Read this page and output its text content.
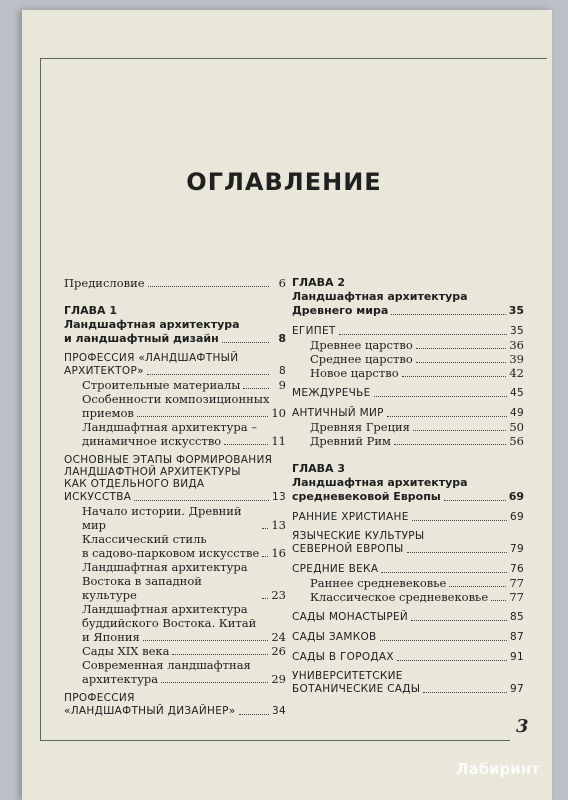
ОГЛАВЛЕНИЕ
Предисловие	6
ГЛАВА 1
Ландшафтная архитектура
и ландшафтный дизайн	8
ПРОФЕССИЯ «ЛАНДШАФТНЫЙ
АРХИТЕКТОР»	8
Строительные материалы	9
Особенности композиционных
приемов	10
Ландшафтная архитектура –
динамичное искусство	11
ОСНОВНЫЕ ЭТАПЫ ФОРМИРОВАНИЯ
ЛАНДШАФТНОЙ АРХИТЕКТУРЫ
КАК ОТДЕЛЬНОГО ВИДА
ИСКУССТВА	13
Начало истории. Древний мир	13
Классический стиль
в садово-парковом искусстве 16
Ландшафтная архитектура
Востока в западной культуре	23
Ландшафтная архитектура
буддийского Востока. Китай
и Япония	24
Сады XIX века	26
Современная ландшафтная
архитектура	29
ПРОФЕССИЯ
«ЛАНДШАФТНЫЙ ДИЗАЙНЕР»	34
ГЛАВА 2
Ландшафтная архитектура
Древнего мира	35
ЕГИПЕТ	35
Древнее царство	36
Среднее царство	39
Новое царство	42
МЕЖДУРЕЧЬЕ	45
АНТИЧНЫЙ МИР	49
Древняя Греция	50
Древний Рим	56
ГЛАВА 3
Ландшафтная архитектура
средневековой Европы	69
РАННИЕ ХРИСТИАНЕ	69
ЯЗЫЧЕСКИЕ КУЛЬТУРЫ
СЕВЕРНОЙ ЕВРОПЫ	79
СРЕДНИЕ ВЕКА	76
Раннее средневековье	77
Классическое средневековье 77
САДЫ МОНАСТЫРЕЙ	85
САДЫ ЗАМКОВ	87
САДЫ В ГОРОДАХ	91
УНИВЕРСИТЕТСКИЕ
БОТАНИЧЕСКИЕ САДЫ	97
3
Лабиринт
